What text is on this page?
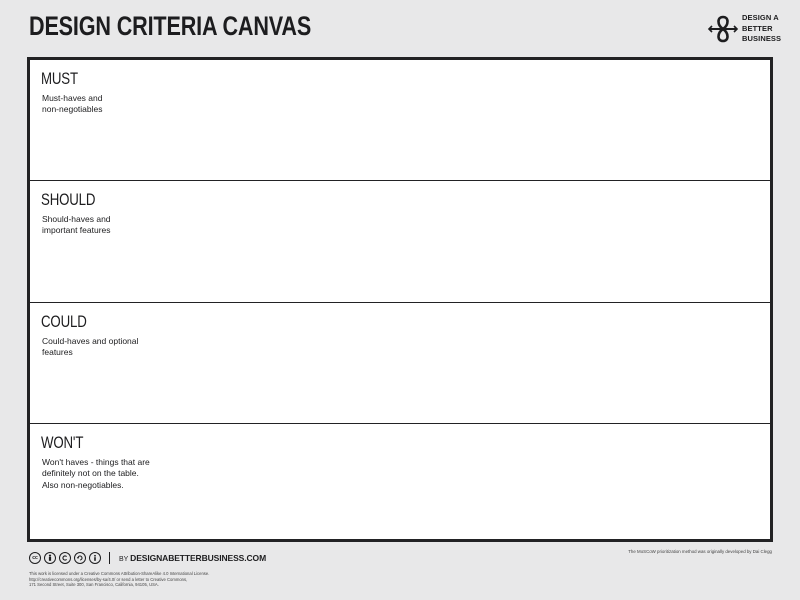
DESIGN CRITERIA CANVAS	DESIGN A
BETTER
BUSINESS
MUST
Must-haves and
non-negotiables
SHOULD
Should-haves and
important features
COULD
Could-haves and optional
features
WON'T
Won't haves - things that are
definitely not on the table.
Also non-negotiables.
cc	BY DESIGNABETTERBUSINESS.COM
This work is licensed under a Creative Commons Attribution-ShareAlike 4.0 International License.
http://creativecommons.org/licenses/by-sa/4.0/ or send a letter to Creative Commons,
171 Second Street, Suite 300, San Francisco, California, 94105, USA.
The MoSCoW prioritization method was originally developed by Dai Clegg
